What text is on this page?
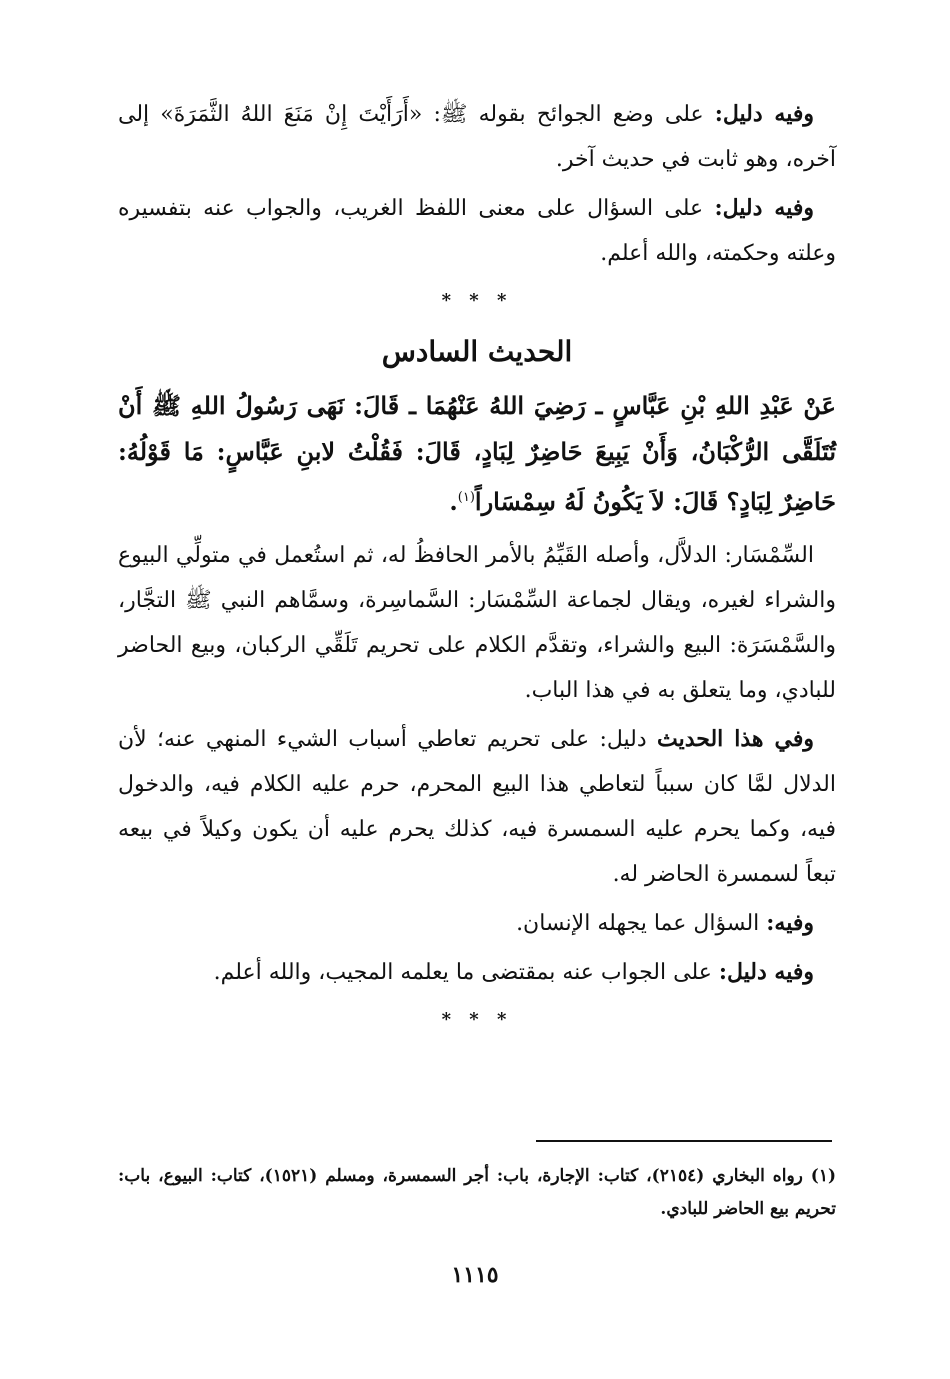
وفيه دليل: على وضع الجوائح بقوله ﷺ: «أَرَأَيْتَ إِنْ مَنَعَ اللهُ الثَّمَرَةَ» إلى آخره، وهو ثابت في حديث آخر.

وفيه دليل: على السؤال على معنى اللفظ الغريب، والجواب عنه بتفسيره وعلته وحكمته، والله أعلم.

* * *
الحديث السادس

عَنْ عَبْدِ اللهِ بْنِ عَبَّاسٍ ـ رَضِيَ اللهُ عَنْهُمَا ـ قَالَ: نَهَى رَسُولُ اللهِ ﷺ أَنْ تُتَلَقَّى الرُّكْبَانُ، وَأَنْ يَبِيعَ حَاضِرٌ لِبَادٍ، قَالَ: فَقُلْتُ لابنِ عَبَّاسٍ: مَا قَوْلُهُ: حَاضِرٌ لِبَادٍ؟ قَالَ: لاَ يَكُونُ لَهُ سِمْسَاراً$^{(١)}$.

السِّمْسَار: الدلاَّل، وأصله القَيِّمُ بالأمر الحافظُ له، ثم استُعمل في متولِّي البيوع والشراء لغيره، ويقال لجماعة السِّمْسَار: السَّماسِرة، وسمَّاهم النبي ﷺ التجَّار، والسَّمْسَرَة: البيع والشراء، وتقدَّم الكلام على تحريم تَلَقِّي الركبان، وبيع الحاضر للبادي، وما يتعلق به في هذا الباب.

وفي هذا الحديث دليل: على تحريم تعاطي أسباب الشيء المنهي عنه؛ لأن الدلال لمَّا كان سبباً لتعاطي هذا البيع المحرم، حرم عليه الكلام فيه، والدخول فيه، وكما يحرم عليه السمسرة فيه، كذلك يحرم عليه أن يكون وكيلاً في بيعه تبعاً لسمسرة الحاضر له.

وفيه: السؤال عما يجهله الإنسان.

وفيه دليل: على الجواب عنه بمقتضى ما يعلمه المجيب، والله أعلم.

* * *
(١) رواه البخاري (٢١٥٤)، كتاب: الإجارة، باب: أجر السمسرة، ومسلم (١٥٢١)، كتاب: البيوع، باب: تحريم بيع الحاضر للبادي.
١١١٥
